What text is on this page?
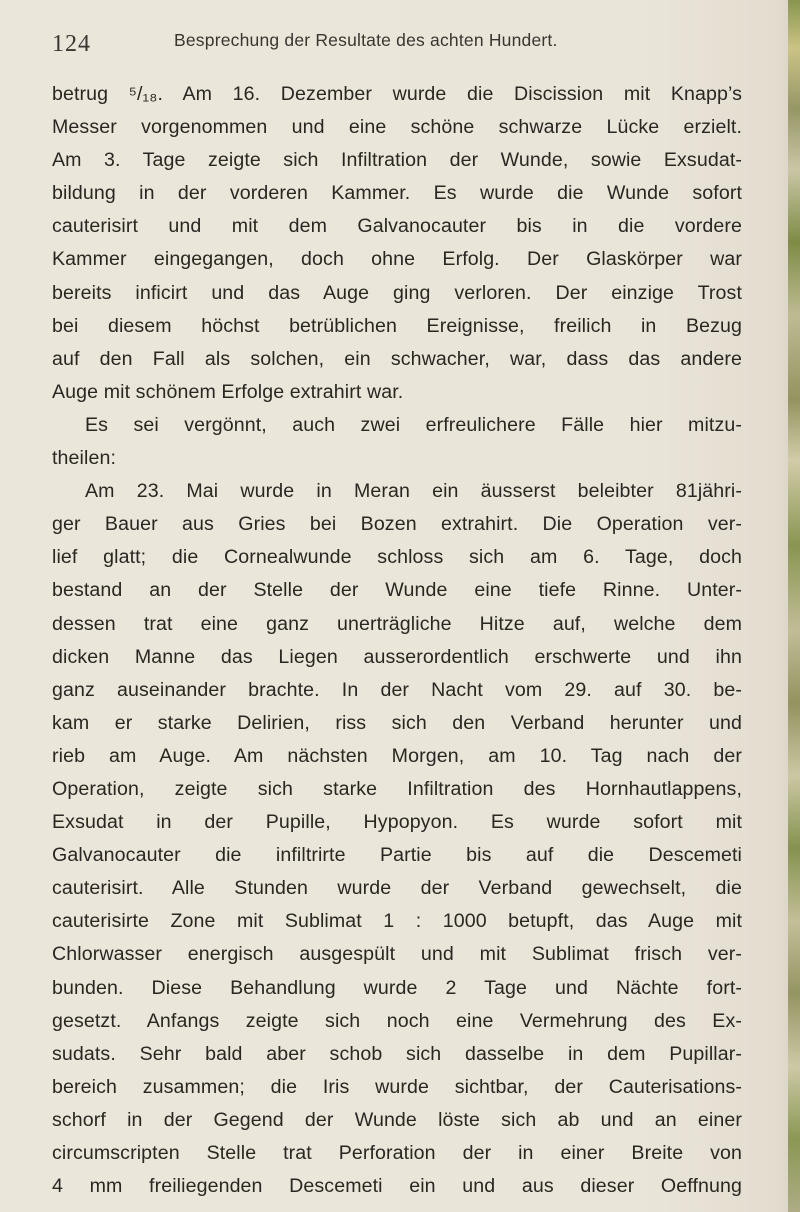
124	Besprechung der Resultate des achten Hundert.
betrug ⁵/₁₈. Am 16. Dezember wurde die Discission mit Knapp’s
Messer vorgenommen und eine schöne schwarze Lücke erzielt.
Am 3. Tage zeigte sich Infiltration der Wunde, sowie Exsudat-
bildung in der vorderen Kammer. Es wurde die Wunde sofort
cauterisirt und mit dem Galvanocauter bis in die vordere
Kammer eingegangen, doch ohne Erfolg. Der Glaskörper war
bereits inficirt und das Auge ging verloren. Der einzige Trost
bei diesem höchst betrüblichen Ereignisse, freilich in Bezug
auf den Fall als solchen, ein schwacher, war, dass das andere
Auge mit schönem Erfolge extrahirt war.
Es sei vergönnt, auch zwei erfreulichere Fälle hier mitzu-
theilen:
Am 23. Mai wurde in Meran ein äusserst beleibter 81jähri-
ger Bauer aus Gries bei Bozen extrahirt. Die Operation ver-
lief glatt; die Cornealwunde schloss sich am 6. Tage, doch
bestand an der Stelle der Wunde eine tiefe Rinne. Unter-
dessen trat eine ganz unerträgliche Hitze auf, welche dem
dicken Manne das Liegen ausserordentlich erschwerte und ihn
ganz auseinander brachte. In der Nacht vom 29. auf 30. be-
kam er starke Delirien, riss sich den Verband herunter und
rieb am Auge. Am nächsten Morgen, am 10. Tag nach der
Operation, zeigte sich starke Infiltration des Hornhautlappens,
Exsudat in der Pupille, Hypopyon. Es wurde sofort mit
Galvanocauter die infiltrirte Partie bis auf die Descemeti
cauterisirt. Alle Stunden wurde der Verband gewechselt, die
cauterisirte Zone mit Sublimat 1 : 1000 betupft, das Auge mit
Chlorwasser energisch ausgespült und mit Sublimat frisch ver-
bunden. Diese Behandlung wurde 2 Tage und Nächte fort-
gesetzt. Anfangs zeigte sich noch eine Vermehrung des Ex-
sudats. Sehr bald aber schob sich dasselbe in dem Pupillar-
bereich zusammen; die Iris wurde sichtbar, der Cauterisations-
schorf in der Gegend der Wunde löste sich ab und an einer
circumscripten Stelle trat Perforation der in einer Breite von
4 mm freiliegenden Descemeti ein und aus dieser Oeffnung
